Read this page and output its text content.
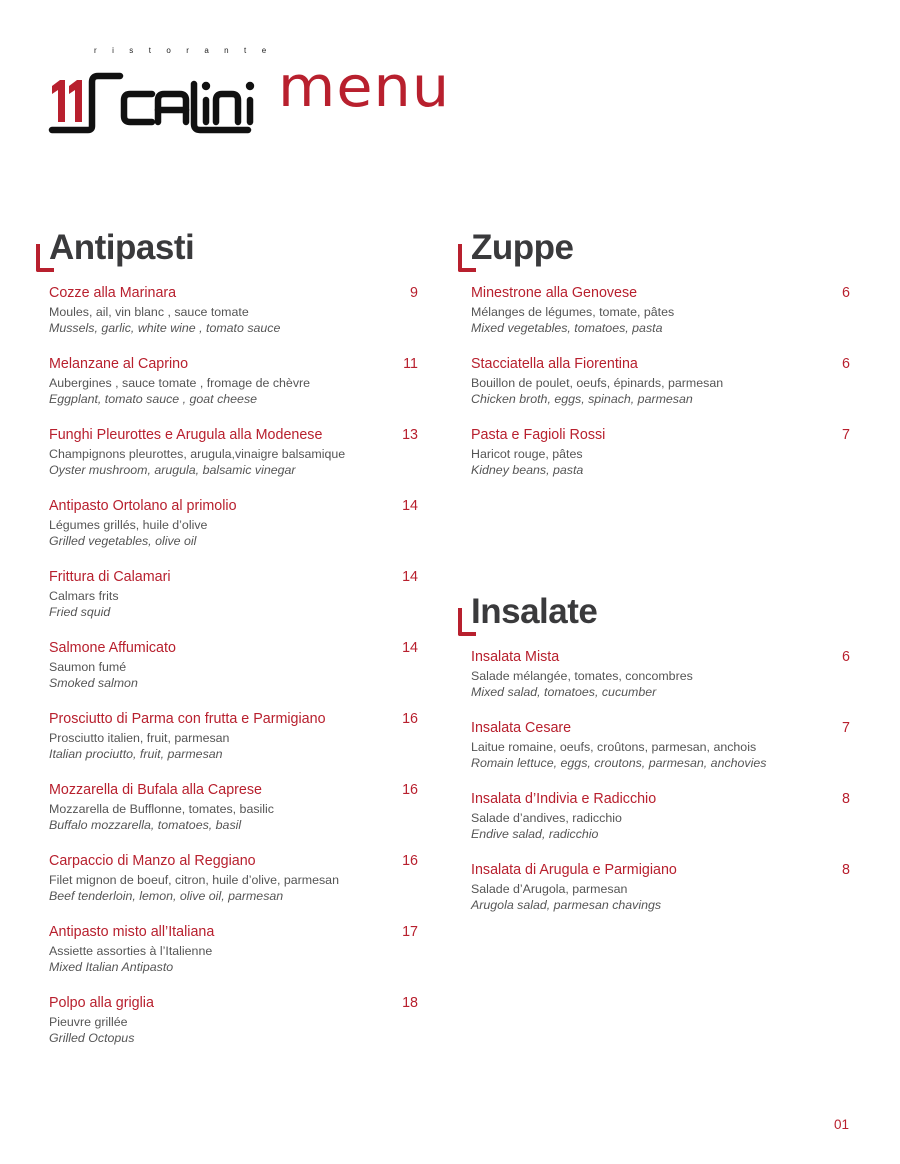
r i s t o r a n t e
menu
Antipasti
Cozze alla Marinara	9
Moules, ail, vin blanc , sauce tomate
Mussels, garlic, white wine , tomato sauce
Melanzane al Caprino	11
Aubergines , sauce tomate , fromage de chèvre
Eggplant, tomato sauce , goat cheese
Funghi Pleurottes e Arugula alla Modenese	13
Champignons pleurottes, arugula,vinaigre balsamique
Oyster mushroom, arugula, balsamic vinegar
Antipasto Ortolano al primolio	14
Légumes grillés, huile d’olive
Grilled vegetables, olive oil
Frittura di Calamari	14
Calmars frits
Fried squid
Salmone Affumicato	14
Saumon fumé
Smoked salmon
Prosciutto di Parma con frutta e Parmigiano	16
Prosciutto italien, fruit, parmesan
Italian prociutto, fruit, parmesan
Mozzarella di Bufala alla Caprese	16
Mozzarella de Bufflonne, tomates, basilic
Buffalo mozzarella, tomatoes, basil
Carpaccio di Manzo al Reggiano	16
Filet mignon de boeuf, citron, huile d’olive, parmesan
Beef tenderloin, lemon, olive oil, parmesan
Antipasto misto all’Italiana	17
Assiette assorties à l’Italienne
Mixed Italian Antipasto
Polpo alla griglia	18
Pieuvre grillée
Grilled Octopus
Zuppe
Minestrone alla Genovese	6
Mélanges de légumes, tomate, pâtes
Mixed vegetables, tomatoes, pasta
Stacciatella alla Fiorentina	6
Bouillon de poulet, oeufs, épinards, parmesan
Chicken broth, eggs, spinach, parmesan
Pasta e Fagioli Rossi	7
Haricot rouge, pâtes
Kidney beans, pasta
Insalate
Insalata Mista	6
Salade mélangée, tomates, concombres
Mixed salad, tomatoes, cucumber
Insalata Cesare	7
Laitue romaine, oeufs, croûtons, parmesan, anchois
Romain lettuce, eggs, croutons, parmesan, anchovies
Insalata d’Indivia e Radicchio	8
Salade d’andives, radicchio
Endive salad, radicchio
Insalata di Arugula e Parmigiano	8
Salade d’Arugola, parmesan
Arugola salad, parmesan chavings
01
